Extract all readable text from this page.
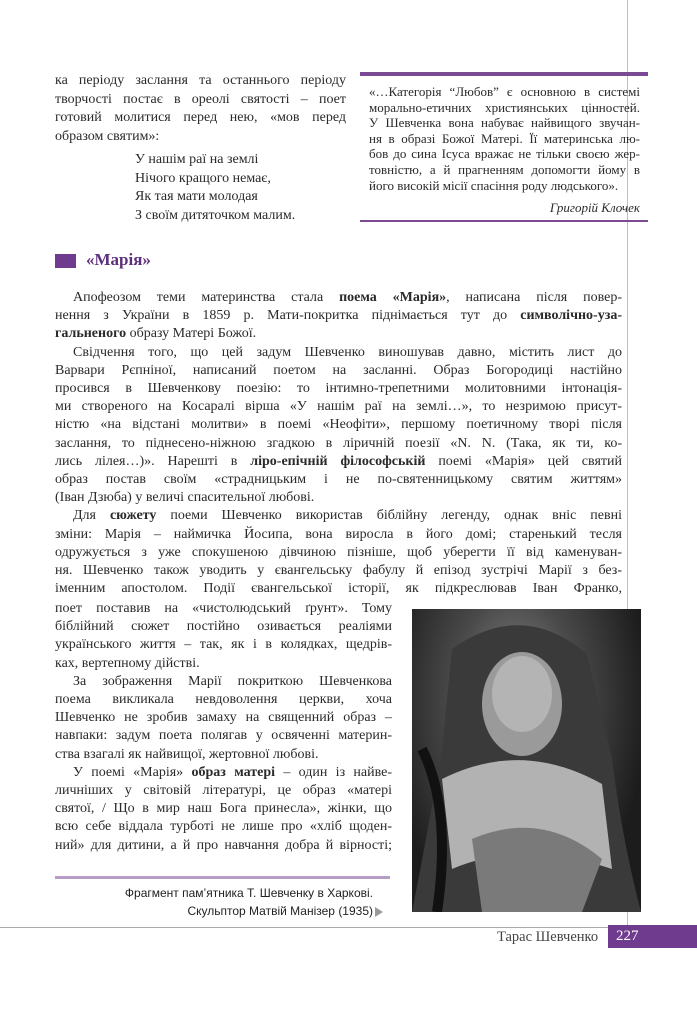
ка періоду заслання та останнього періоду
творчості постає в ореолі святості – поет
готовий молитися перед нею, «мов перед
образом святим»:
У нашім раї на землі
Нічого кращого немає,
Як тая мати молодая
З своїм дитяточком малим.
«…Категорія “Любов” є основною в системі
морально-етичних християнських цінностей.
У Шевченка вона набуває найвищого звучан-
ня в образі Божої Матері. Її материнська лю-
бов до сина Ісуса вражає не тільки своєю жер-
товністю, а й прагненням допомогти йому в
його високій місії спасіння роду людського».
Григорій Клочек
«Марія»
Апофеозом теми материнства стала поема «Марія», написана після повер-
нення з України в 1859 р. Мати-покритка піднімається тут до символічно-уза-
гальненого образу Матері Божої.
Свідчення того, що цей задум Шевченко виношував давно, містить лист до
Варвари Рєпніної, написаний поетом на засланні. Образ Богородиці настійно
просився в Шевченкову поезію: то інтимно-трепетними молитовними інтонація-
ми створеного на Косаралі вірша «У нашім раї на землі…», то незримою присут-
ністю «на відстані молитви» в поемі «Неофіти», першому поетичному творі після
заслання, то піднесено-ніжною згадкою в ліричній поезії «N. N. (Така, як ти, ко-
лись лілея…)». Нарешті в ліро-епічній філософській поемі «Марія» цей святий
образ постав своїм «страдницьким і не по-святенницькому святим життям»
(Іван Дзюба) у величі спасительної любові.
Для сюжету поеми Шевченко використав біблійну легенду, однак вніс певні
зміни: Марія – наймичка Йосипа, вона виросла в його домі; старенький тесля
одружується з уже спокушеною дівчиною пізніше, щоб уберегти її від каменуван-
ня. Шевченко також уводить у євангельську фабулу й епізод зустрічі Марії з без-
іменним апостолом. Події євангельської історії, як підкреслював Іван Франко,
поет поставив на «чистолюдський ґрунт». Тому
біблійний сюжет постійно озивається реаліями
українського життя – так, як і в колядках, щедрів-
ках, вертепному дійстві.
За зображення Марії покриткою Шевченкова
поема викликала невдоволення церкви, хоча
Шевченко не зробив замаху на священний образ –
навпаки: задум поета полягав у освяченні материн-
ства взагалі як найвищої, жертовної любові.
У поемі «Марія» образ матері – один із найве-
личніших у світовій літературі, це образ «матері
святої, / Що в мир наш Бога принесла», жінки, що
всю себе віддала турботі не лише про «хліб щоден-
ний» для дитини, а й про навчання добра й вірності;
Фрагмент пам’ятника Т. Шевченку в Харкові.
Скульптор Матвій Манізер (1935)
Тарас Шевченко	227
